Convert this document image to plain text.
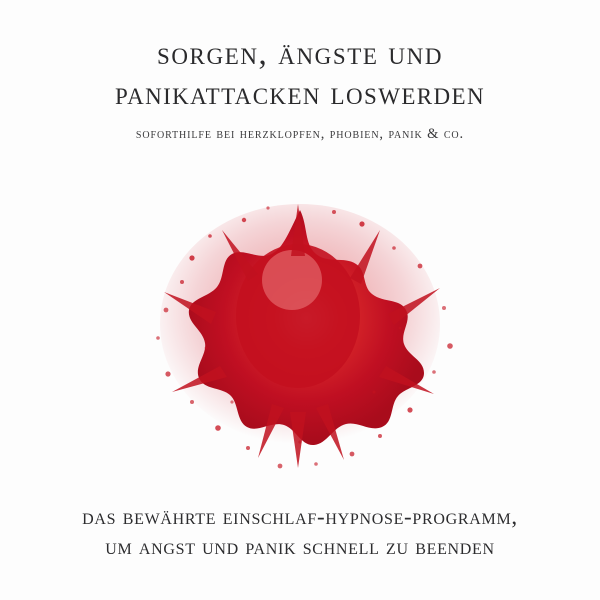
sorgen, ängste und
panikattacken loswerden
soforthilfe bei herzklopfen, phobien, panik & co.
das bewährte einschlaf-hypnose-programm,
um angst und panik schnell zu beenden
